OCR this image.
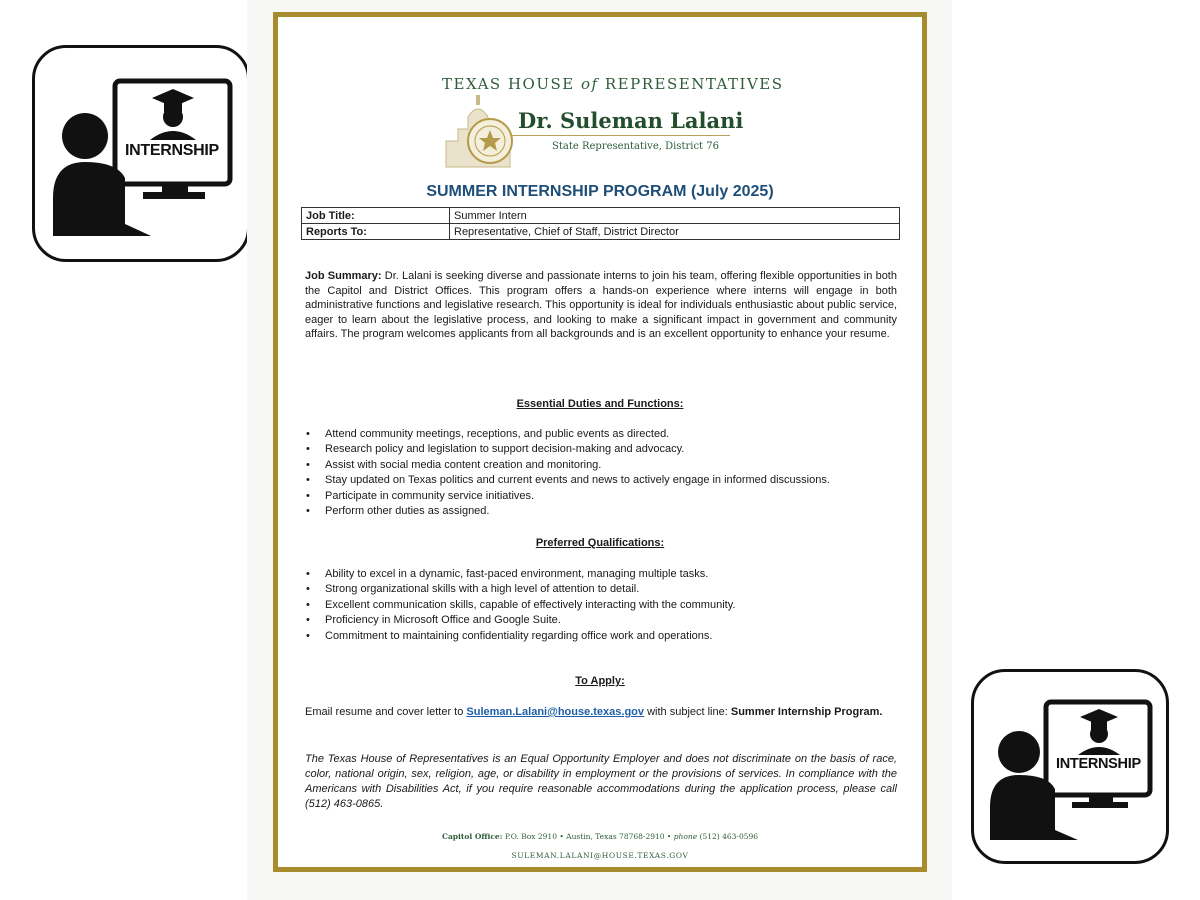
INTERNSHIP
INTERNSHIP
TEXAS HOUSE of REPRESENTATIVES
Dr. Suleman Lalani
State Representative, District 76
SUMMER INTERNSHIP PROGRAM (July 2025)
Job Title:	Summer Intern
Reports To:	Representative, Chief of Staff, District Director

Job Summary: Dr. Lalani is seeking diverse and passionate interns to join his team, offering flexible opportunities in both the Capitol and District Offices. This program offers a hands-on experience where interns will engage in both administrative functions and legislative research. This opportunity is ideal for individuals enthusiastic about public service, eager to learn about the legislative process, and looking to make a significant impact in government and community affairs. The program welcomes applicants from all backgrounds and is an excellent opportunity to enhance your resume.

Essential Duties and Functions:
• Attend community meetings, receptions, and public events as directed.
• Research policy and legislation to support decision-making and advocacy.
• Assist with social media content creation and monitoring.
• Stay updated on Texas politics and current events and news to actively engage in informed discussions.
• Participate in community service initiatives.
• Perform other duties as assigned.
Preferred Qualifications:
• Ability to excel in a dynamic, fast-paced environment, managing multiple tasks.
• Strong organizational skills with a high level of attention to detail.
• Excellent communication skills, capable of effectively interacting with the community.
• Proficiency in Microsoft Office and Google Suite.
• Commitment to maintaining confidentiality regarding office work and operations.
To Apply:

Email resume and cover letter to Suleman.Lalani@house.texas.gov with subject line: Summer Internship Program.

The Texas House of Representatives is an Equal Opportunity Employer and does not discriminate on the basis of race, color, national origin, sex, religion, age, or disability in employment or the provisions of services. In compliance with the Americans with Disabilities Act, if you require reasonable accommodations during the application process, please call (512) 463-0865.

Capitol Office: P.O. Box 2910 • Austin, Texas 78768-2910 • phone (512) 463-0596
SULEMAN.LALANI@HOUSE.TEXAS.GOV
